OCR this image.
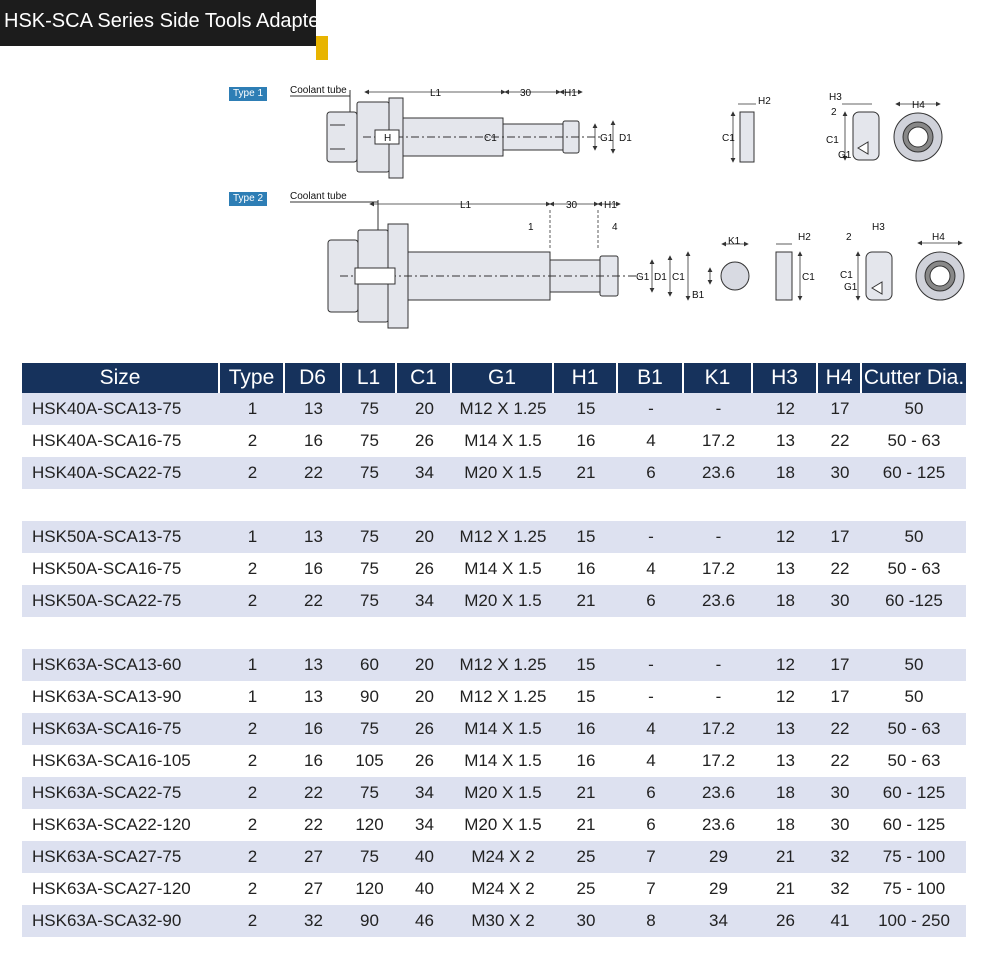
HSK-SCA Series Side Tools Adapter
Type 1
Type 2
Coolant tube
Coolant tube
L1	30	H1
C1	G1 D1
H
H2
C1
H3
2
C1
G1
H4
L1	30	H1
1	4
G1 D1 C1
K1
B1
H2
C1
2
H3
C1
G1
H4
Size	Type	D6	L1	C1	G1	H1	B1	K1	H3	H4	Cutter Dia.
HSK40A-SCA13-75	1	13	75	20	M12 X 1.25	15	-	-	12	17	50
HSK40A-SCA16-75	2	16	75	26	M14 X 1.5	16	4	17.2	13	22	50 - 63
HSK40A-SCA22-75	2	22	75	34	M20 X 1.5	21	6	23.6	18	30	60 - 125

HSK50A-SCA13-75	1	13	75	20	M12 X 1.25	15	-	-	12	17	50
HSK50A-SCA16-75	2	16	75	26	M14 X 1.5	16	4	17.2	13	22	50 - 63
HSK50A-SCA22-75	2	22	75	34	M20 X 1.5	21	6	23.6	18	30	60 -125

HSK63A-SCA13-60	1	13	60	20	M12 X 1.25	15	-	-	12	17	50
HSK63A-SCA13-90	1	13	90	20	M12 X 1.25	15	-	-	12	17	50
HSK63A-SCA16-75	2	16	75	26	M14 X 1.5	16	4	17.2	13	22	50 - 63
HSK63A-SCA16-105	2	16	105	26	M14 X 1.5	16	4	17.2	13	22	50 - 63
HSK63A-SCA22-75	2	22	75	34	M20 X 1.5	21	6	23.6	18	30	60 - 125
HSK63A-SCA22-120	2	22	120	34	M20 X 1.5	21	6	23.6	18	30	60 - 125
HSK63A-SCA27-75	2	27	75	40	M24 X 2	25	7	29	21	32	75 - 100
HSK63A-SCA27-120	2	27	120	40	M24 X 2	25	7	29	21	32	75 - 100
HSK63A-SCA32-90	2	32	90	46	M30 X 2	30	8	34	26	41	100 - 250
